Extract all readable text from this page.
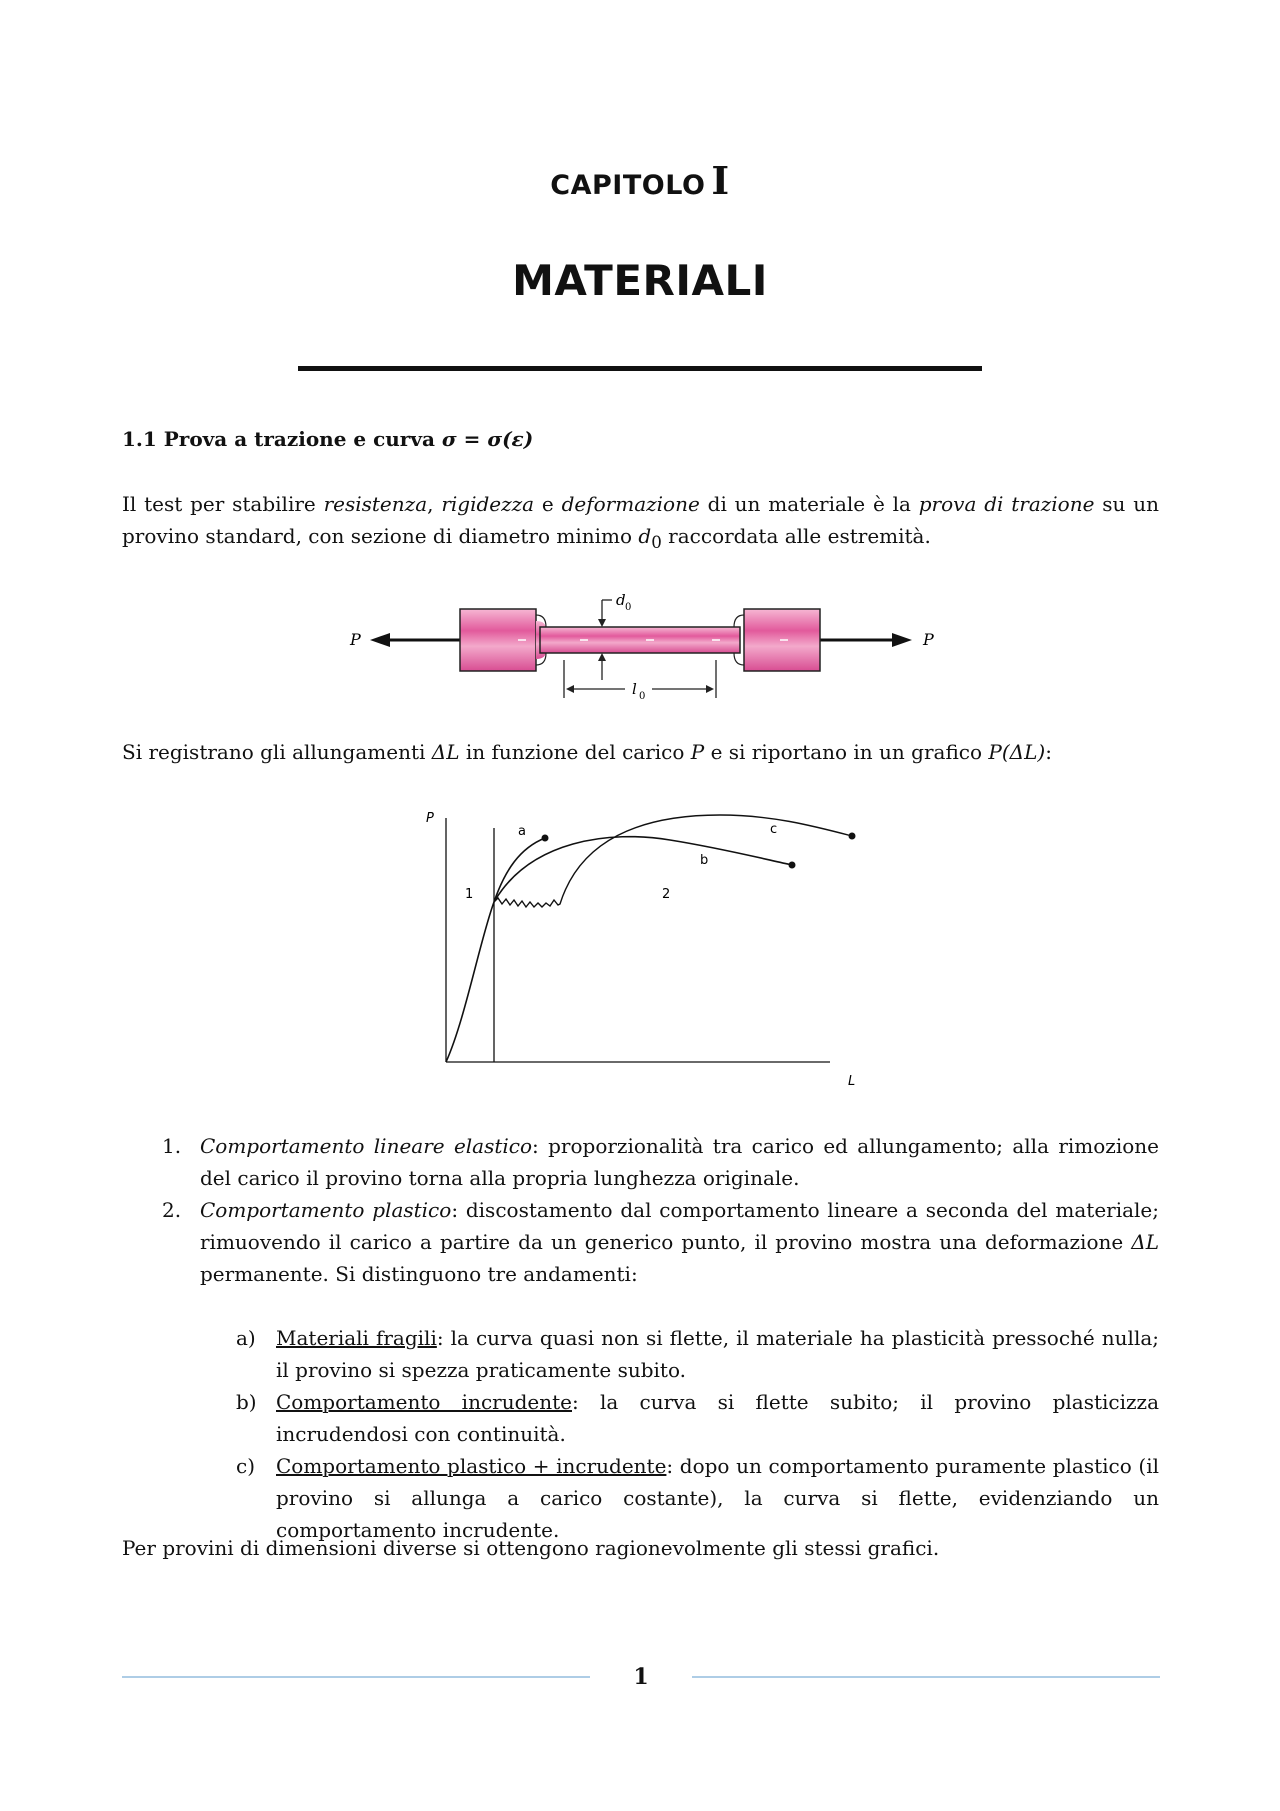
CAPITOLO I
MATERIALI
1.1 Prova a trazione e curva σ = σ(ε)
Il test per stabilire resistenza, rigidezza e deformazione di un materiale è la prova di trazione su un provino standard, con sezione di diametro minimo $d_0$ raccordata alle estremità.
P	P
d 0
l 0
Si registrano gli allungamenti ΔL in funzione del carico P e si riportano in un grafico P(ΔL):
P
L
a
b
c
1	2

1. Comportamento lineare elastico: proporzionalità tra carico ed allungamento; alla rimozione del carico il provino torna alla propria lunghezza originale.

2. Comportamento plastico: discostamento dal comportamento lineare a seconda del materiale; rimuovendo il carico a partire da un generico punto, il provino mostra una deformazione ΔL permanente. Si distinguono tre andamenti:

a) Materiali fragili: la curva quasi non si flette, il materiale ha plasticità pressoché nulla; il provino si spezza praticamente subito.

b) Comportamento incrudente: la curva si flette subito; il provino plasticizza incrudendosi con continuità.

c) Comportamento plastico + incrudente: dopo un comportamento puramente plastico (il provino si allunga a carico costante), la curva si flette, evidenziando un comportamento incrudente.

Per provini di dimensioni diverse si ottengono ragionevolmente gli stessi grafici.
1
